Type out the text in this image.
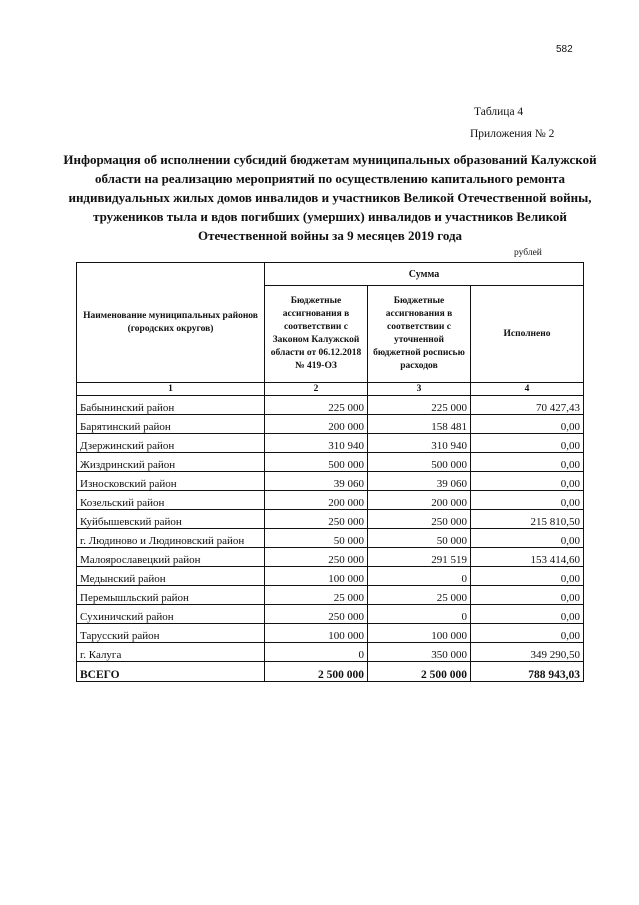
582
Таблица 4
Приложения № 2
Информация об исполнении субсидий бюджетам муниципальных образований Калужской области на реализацию мероприятий по осуществлению капитального ремонта индивидуальных жилых домов инвалидов и участников Великой Отечественной войны, тружеников тыла и вдов погибших (умерших) инвалидов и участников Великой Отечественной войны за 9 месяцев 2019 года
рублей
Наименование муниципальных районов (городских округов)	Сумма		
	Бюджетные ассигнования в соответствии с Законом Калужской области от 06.12.2018 № 419-ОЗ	Бюджетные ассигнования в соответствии с уточненной бюджетной росписью расходов	Исполнено
1	2	3	4
Бабынинский район	225 000	225 000	70 427,43
Барятинский район	200 000	158 481	0,00
Дзержинский район	310 940	310 940	0,00
Жиздринский район	500 000	500 000	0,00
Износковский район	39 060	39 060	0,00
Козельский район	200 000	200 000	0,00
Куйбышевский район	250 000	250 000	215 810,50
г. Людиново и Людиновский район	50 000	50 000	0,00
Малоярославецкий район	250 000	291 519	153 414,60
Медынский район	100 000	0	0,00
Перемышльский район	25 000	25 000	0,00
Сухиничский район	250 000	0	0,00
Тарусский район	100 000	100 000	0,00
г. Калуга	0	350 000	349 290,50
ВСЕГО	2 500 000	2 500 000	788 943,03
